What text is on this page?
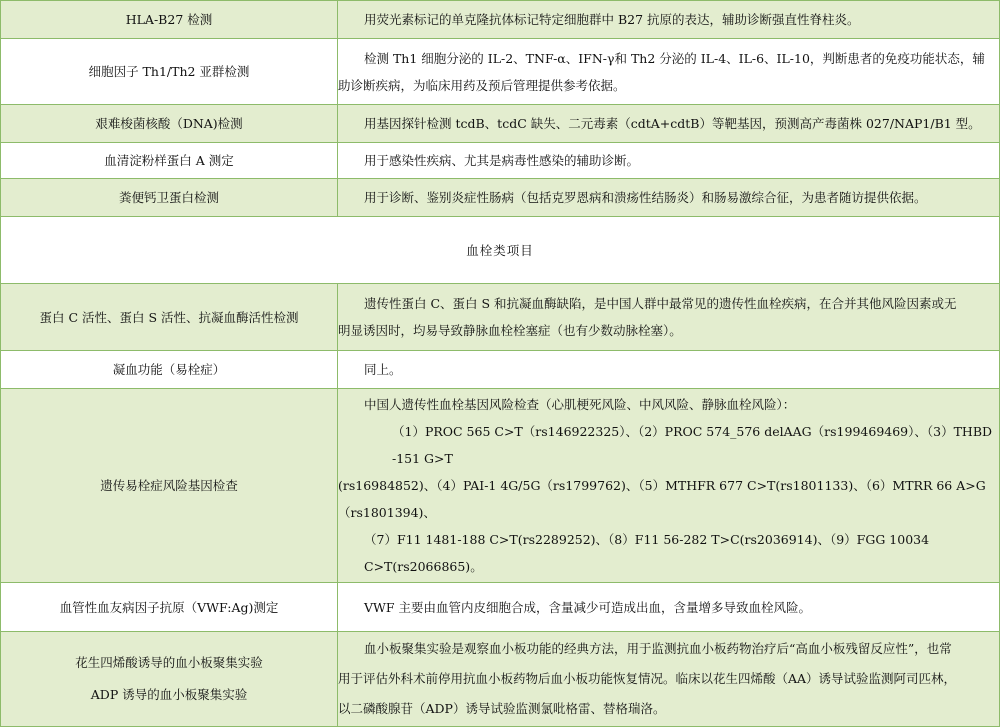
HLA-B27 检测	用荧光素标记的单克隆抗体标记特定细胞群中 B27 抗原的表达，辅助诊断强直性脊柱炎。

细胞因子 Th1/Th2 亚群检测	检测 Th1 细胞分泌的 IL-2、TNF-α、IFN-γ和 Th2 分泌的 IL-4、IL-6、IL-10，判断患者的免疫功能状态，辅
助诊断疾病，为临床用药及预后管理提供参考依据。

艰难梭菌核酸（DNA)检测	用基因探针检测 tcdB、tcdC 缺失、二元毒素（cdtA+cdtB）等靶基因，预测高产毒菌株 027/NAP1/B1 型。

血清淀粉样蛋白 A 测定	用于感染性疾病、尤其是病毒性感染的辅助诊断。

粪便钙卫蛋白检测	用于诊断、鉴别炎症性肠病（包括克罗恩病和溃疡性结肠炎）和肠易激综合征，为患者随访提供依据。

血栓类项目	
蛋白 C 活性、蛋白 S 活性、抗凝血酶活性检测	遗传性蛋白 C、蛋白 S 和抗凝血酶缺陷，是中国人群中最常见的遗传性血栓疾病，在合并其他风险因素或无
明显诱因时，均易导致静脉血栓栓塞症（也有少数动脉栓塞）。

凝血功能（易栓症）	同上。

遗传易栓症风险基因检查	中国人遗传性血栓基因风险检查（心肌梗死风险、中风风险、静脉血栓风险）：
（1）PROC 565 C>T（rs146922325）、（2）PROC 574_576 delAAG（rs199469469）、（3）THBD -151 G>T
(rs16984852)、（4）PAI-1 4G/5G（rs1799762)、（5）MTHFR 677 C>T(rs1801133)、（6）MTRR 66 A>G（rs1801394)、
（7）F11 1481-188 C>T(rs2289252)、（8）F11 56-282 T>C(rs2036914)、（9）FGG 10034 C>T(rs2066865)。

血管性血友病因子抗原（VWF:Ag)测定	VWF 主要由血管内皮细胞合成，含量减少可造成出血，含量增多导致血栓风险。

花生四烯酸诱导的血小板聚集实验
ADP 诱导的血小板聚集实验	血小板聚集实验是观察血小板功能的经典方法，用于监测抗血小板药物治疗后“高血小板残留反应性”，也常
用于评估外科术前停用抗血小板药物后血小板功能恢复情况。临床以花生四烯酸（AA）诱导试验监测阿司匹林，
以二磷酸腺苷（ADP）诱导试验监测氯吡格雷、替格瑞洛。
